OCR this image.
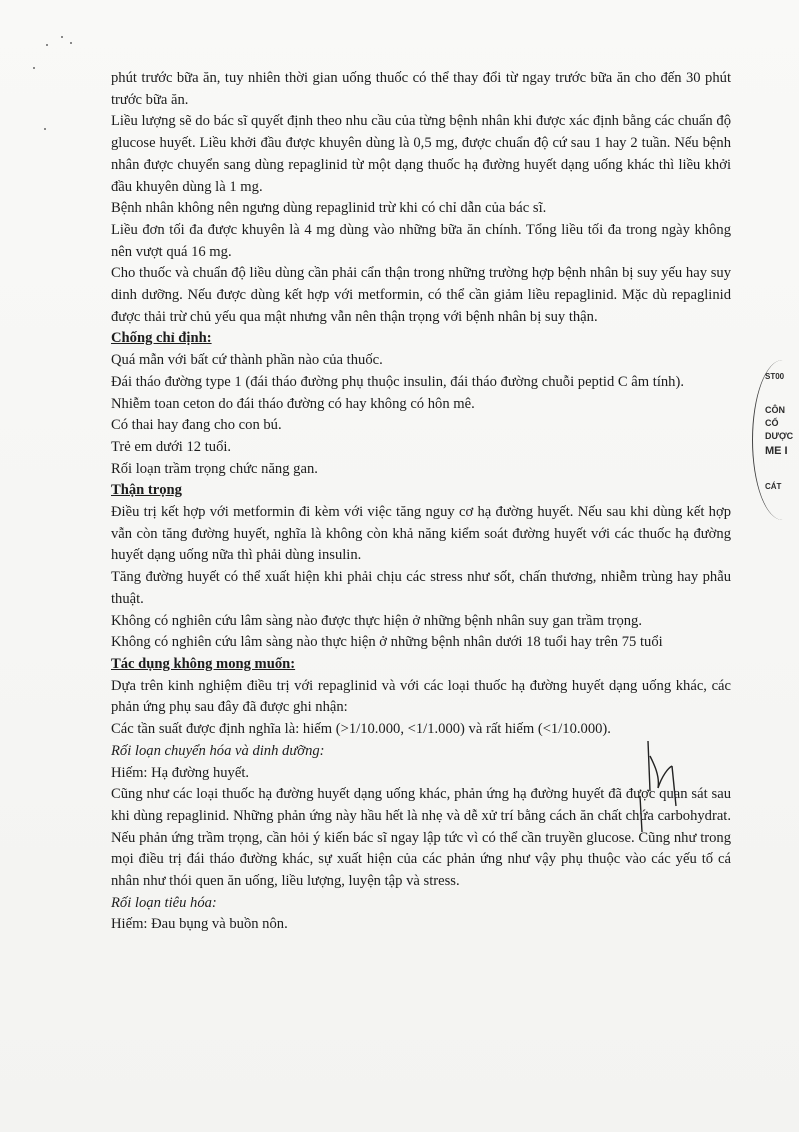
phút trước bữa ăn, tuy nhiên thời gian uống thuốc có thể thay đổi từ ngay trước bữa ăn cho đến 30 phút trước bữa ăn.

Liều lượng sẽ do bác sĩ quyết định theo nhu cầu của từng bệnh nhân khi được xác định bằng các chuẩn độ glucose huyết. Liều khởi đầu được khuyên dùng là 0,5 mg, được chuẩn độ cứ sau 1 hay 2 tuần. Nếu bệnh nhân được chuyển sang dùng repaglinid từ một dạng thuốc hạ đường huyết dạng uống khác thì liều khởi đầu khuyên dùng là 1 mg.

Bệnh nhân không nên ngưng dùng repaglinid trừ khi có chỉ dẫn của bác sĩ.

Liều đơn tối đa được khuyên là 4 mg dùng vào những bữa ăn chính. Tổng liều tối đa trong ngày không nên vượt quá 16 mg.

Cho thuốc và chuẩn độ liều dùng cần phải cẩn thận trong những trường hợp bệnh nhân bị suy yếu hay suy dinh dưỡng. Nếu được dùng kết hợp với metformin, có thể cần giảm liều repaglinid. Mặc dù repaglinid được thải trừ chủ yếu qua mật nhưng vẫn nên thận trọng với bệnh nhân bị suy thận.

Chống chỉ định:

Quá mẫn với bất cứ thành phần nào của thuốc.

Đái tháo đường type 1 (đái tháo đường phụ thuộc insulin, đái tháo đường chuỗi peptid C âm tính).

Nhiễm toan ceton do đái tháo đường có hay không có hôn mê.

Có thai hay đang cho con bú.

Trẻ em dưới 12 tuổi.

Rối loạn trầm trọng chức năng gan.

Thận trọng

Điều trị kết hợp với metformin đi kèm với việc tăng nguy cơ hạ đường huyết. Nếu sau khi dùng kết hợp vẫn còn tăng đường huyết, nghĩa là không còn khả năng kiểm soát đường huyết với các thuốc hạ đường huyết dạng uống nữa thì phải dùng insulin.

Tăng đường huyết có thể xuất hiện khi phải chịu các stress như sốt, chấn thương, nhiễm trùng hay phẫu thuật.

Không có nghiên cứu lâm sàng nào được thực hiện ở những bệnh nhân suy gan trầm trọng.

Không có nghiên cứu lâm sàng nào thực hiện ở những bệnh nhân dưới 18 tuổi hay trên 75 tuổi

Tác dụng không mong muốn:

Dựa trên kinh nghiệm điều trị với repaglinid và với các loại thuốc hạ đường huyết dạng uống khác, các phản ứng phụ sau đây đã được ghi nhận:

Các tần suất được định nghĩa là: hiếm (>1/10.000, <1/1.000) và rất hiếm (<1/10.000).

Rối loạn chuyển hóa và dinh dưỡng:

Hiếm: Hạ đường huyết.

Cũng như các loại thuốc hạ đường huyết dạng uống khác, phản ứng hạ đường huyết đã được quan sát sau khi dùng repaglinid. Những phản ứng này hầu hết là nhẹ và dễ xử trí bằng cách ăn chất chứa carbohydrat. Nếu phản ứng trầm trọng, cần hỏi ý kiến bác sĩ ngay lập tức vì có thể cần truyền glucose. Cũng như trong mọi điều trị đái tháo đường khác, sự xuất hiện của các phản ứng như vậy phụ thuộc vào các yếu tố cá nhân như thói quen ăn uống, liều lượng, luyện tập và stress.

Rối loạn tiêu hóa:

Hiếm: Đau bụng và buồn nôn.

ST00
CÔN
CỔ
DƯỢC
ME I
CÁT
